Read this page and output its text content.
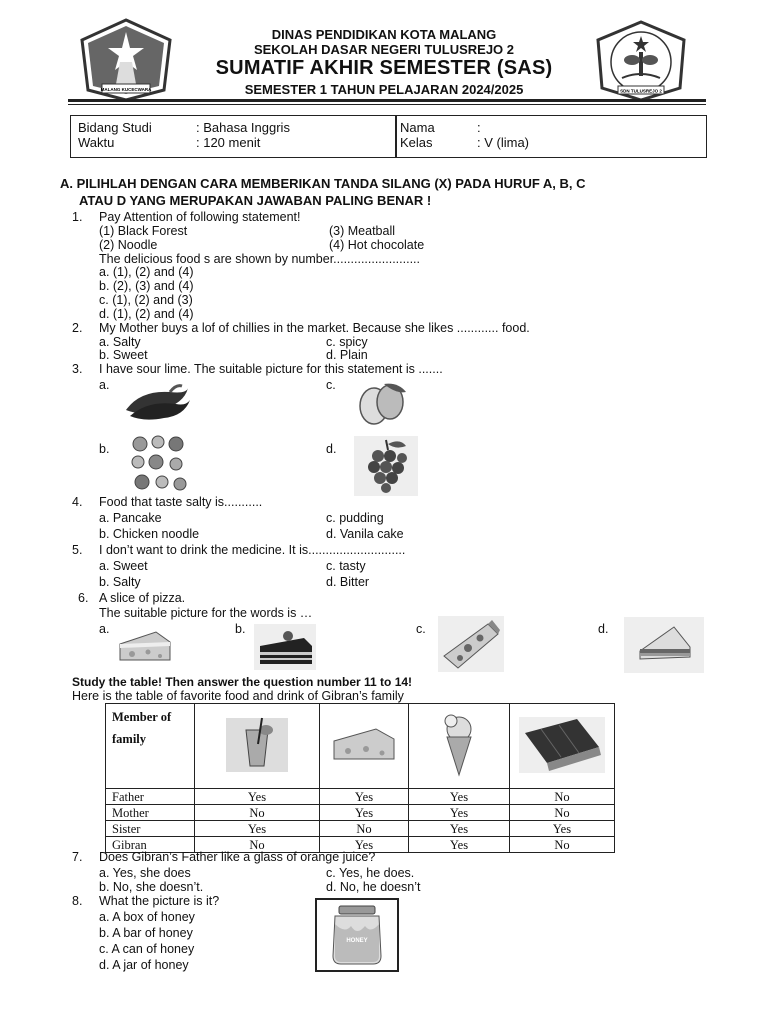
MALANG KUCECWARA	SDN TULUSREJO 2
DINAS PENDIDIKAN KOTA MALANG
SEKOLAH DASAR NEGERI TULUSREJO 2
SUMATIF AKHIR SEMESTER (SAS)
SEMESTER 1 TAHUN PELAJARAN 2024/2025
Bidang Studi	: Bahasa Inggris
Waktu	: 120 menit
Nama	:
Kelas	: V (lima)
A. PILIHLAH DENGAN CARA MEMBERIKAN TANDA SILANG (X) PADA HURUF A, B, C
ATAU D YANG MERUPAKAN JAWABAN PALING BENAR !
1. Pay Attention of following statement!
(1) Black Forest	(3) Meatball
(2) Noodle	(4) Hot chocolate
The delicious food s are shown by number.........................
a. (1), (2) and (4)
b. (2), (3) and (4)
c. (1), (2) and (3)
d. (1), (2) and (4)
2. My Mother buys a lof of chillies in the market. Because she likes ............ food.
a. Salty	c. spicy
b. Sweet	d. Plain
3. I have sour lime. The suitable picture for this statement is .......
a.	c.
b.	d.
4. Food that taste salty is...........
a. Pancake	c. pudding
b. Chicken noodle	d. Vanila cake
5. I don’t want to drink the medicine. It is............................
a. Sweet	c. tasty
b. Salty	d. Bitter
6. A slice of pizza.
The suitable picture for the words is …
a.	b.	c.	d.
Study the table! Then answer the question number 11 to 14!
Here is the table of favorite food and drink of Gibran’s family
Member of
family				
Father	Yes	Yes	Yes	No
Mother	No	Yes	Yes	No
Sister	Yes	No	Yes	Yes
Gibran	No	Yes	Yes	No
7. Does Gibran’s Father like a glass of orange juice?
a. Yes, she does	c. Yes, he does.
b. No, she doesn’t.	d. No, he doesn’t
8. What the picture is it?
a. A box of honey
b. A bar of honey
c. A can of honey
d. A jar of honey
HONEY
